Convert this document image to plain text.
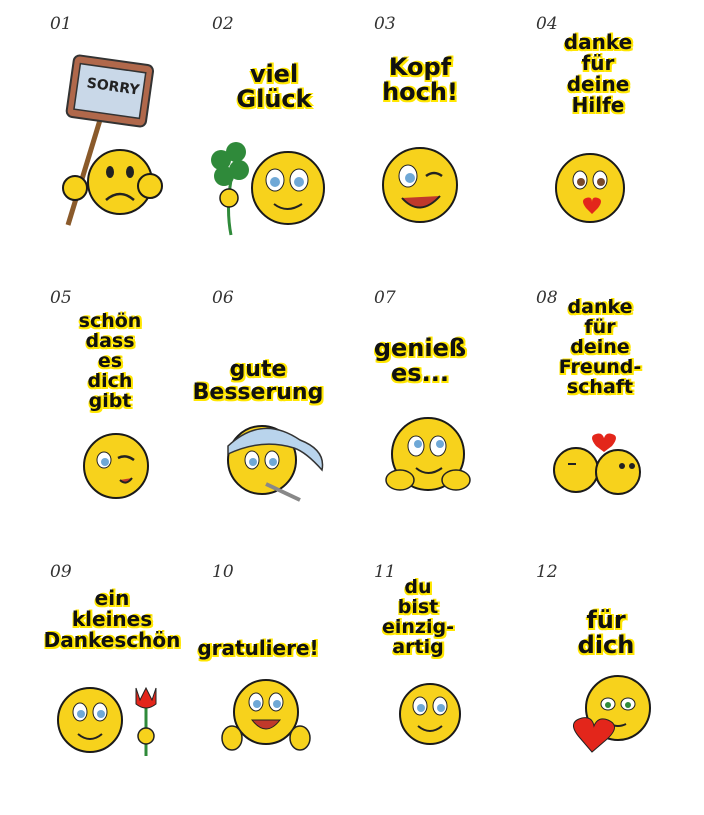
01
SORRY
02
viel
Glück
03
Kopf
hoch!
04
danke
für
deine
Hilfe
05
schön
dass
es
dich
gibt
06
gute
Besserung
07
genieß
es...
08 danke
für
deine
Freund-
schaft
09
ein
kleines
Dankeschön
10
gratuliere!
11
du
bist
einzig-
artig
12
für
dich
